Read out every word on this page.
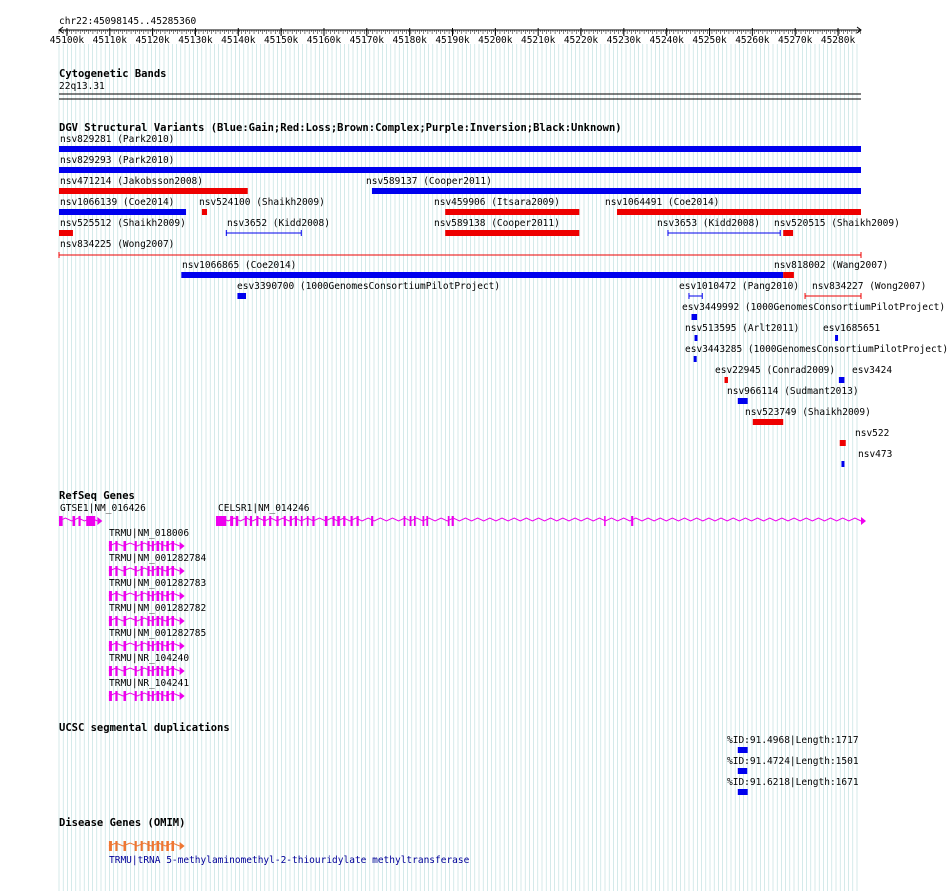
chr22:45098145..45285360
45100k 45110k 45120k 45130k 45140k 45150k 45160k 45170k 45180k 45190k 45200k 45210k 45220k 45230k 45240k 45250k 45260k 45270k 45280k
Cytogenetic Bands
22q13.31
DGV Structural Variants (Blue:Gain;Red:Loss;Brown:Complex;Purple:Inversion;Black:Unknown)
nsv829281 (Park2010)
nsv829293 (Park2010)
nsv471214 (Jakobsson2008)	nsv589137 (Cooper2011)
nsv1066139 (Coe2014)	nsv524100 (Shaikh2009)	nsv459906 (Itsara2009)	nsv1064491 (Coe2014)
nsv525512 (Shaikh2009)	nsv3652 (Kidd2008)	nsv589138 (Cooper2011)	nsv3653 (Kidd2008) nsv520515 (Shaikh2009)
nsv834225 (Wong2007)
nsv1066865 (Coe2014)	nsv818002 (Wang2007)
esv3390700 (1000GenomesConsortiumPilotProject)	esv1010472 (Pang2010) nsv834227 (Wong2007)
esv3449992 (1000GenomesConsortiumPilotProject)
nsv513595 (Arlt2011) esv1685651
esv3443285 (1000GenomesConsortiumPilotProject)
esv22945 (Conrad2009) esv3424
nsv966114 (Sudmant2013)
nsv523749 (Shaikh2009)
nsv522
nsv473
RefSeq Genes
GTSE1|NM_016426	CELSR1|NM_014246
TRMU|NM_018006
TRMU|NM_001282784
TRMU|NM_001282783
TRMU|NM_001282782
TRMU|NM_001282785
TRMU|NR_104240
TRMU|NR_104241
UCSC segmental duplications
%ID:91.4968|Length:1717
%ID:91.4724|Length:1501
%ID:91.6218|Length:1671
Disease Genes (OMIM)
TRMU|tRNA 5-methylaminomethyl-2-thiouridylate methyltransferase
